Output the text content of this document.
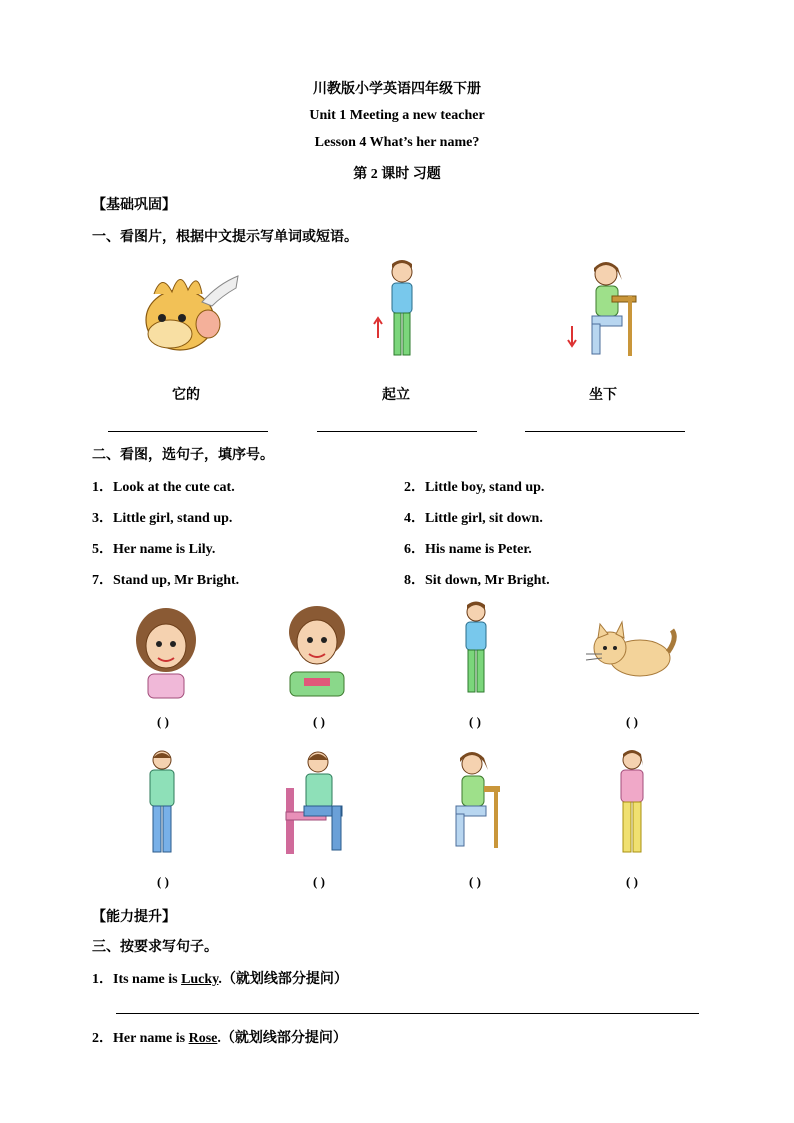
川教版小学英语四年级下册
Unit 1 Meeting a new teacher
Lesson 4 What’s her name?
第 2 课时 习题
【基础巩固】
一、看图片，根据中文提示写单词或短语。
它的	起立	坐下
二、看图，选句子，填序号。
1．Look at the cute cat.	2．Little boy, stand up.
3．Little girl, stand up.	4．Little girl, sit down.
5．Her name is Lily.	6．His name is Peter.
7．Stand up, Mr Bright.	8．Sit down, Mr Bright.
( )	( )	( )	( )
( )	( )	( )	( )
【能力提升】
三、按要求写句子。
1．Its name is Lucky.（就划线部分提问）
2．Her name is Rose.（就划线部分提问）
